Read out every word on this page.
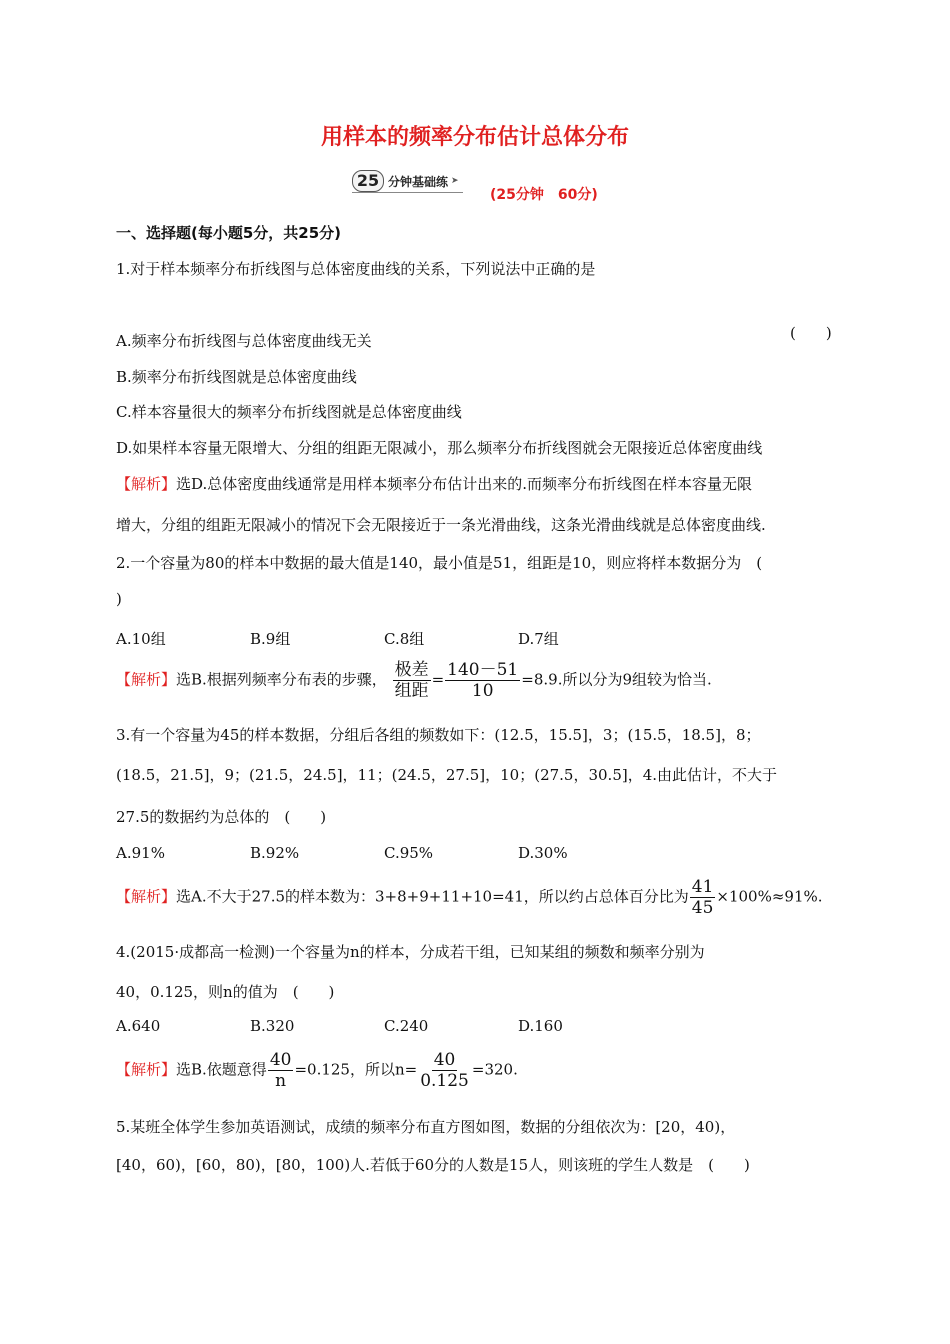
用样本的频率分布估计总体分布
25 分钟基础练 ➤
(25分钟　60分)
一、选择题(每小题5分，共25分)
1.对于样本频率分布折线图与总体密度曲线的关系，下列说法中正确的是
(　　)
A.频率分布折线图与总体密度曲线无关
B.频率分布折线图就是总体密度曲线
C.样本容量很大的频率分布折线图就是总体密度曲线
D.如果样本容量无限增大、分组的组距无限减小，那么频率分布折线图就会无限接近总体密度曲线
【解析】选D.总体密度曲线通常是用样本频率分布估计出来的.而频率分布折线图在样本容量无限
增大，分组的组距无限减小的情况下会无限接近于一条光滑曲线，这条光滑曲线就是总体密度曲线.
2.一个容量为80的样本中数据的最大值是140，最小值是51，组距是10，则应将样本数据分为　(
)
A.10组	B.9组	C.8组	D.7组
【解析】选B.根据列频率分布表的步骤， $\frac{\text{极差}}{\text{组距}} = \frac{140-51}{10} =8.9$.所以分为9组较为恰当.
3.有一个容量为45的样本数据，分组后各组的频数如下：(12.5，15.5]，3；(15.5，18.5]，8；
(18.5，21.5]，9；(21.5，24.5]，11；(24.5，27.5]，10；(27.5，30.5]，4.由此估计，不大于
27.5的数据约为总体的　(　　)
A.91%	B.92%	C.95%	D.30%
【解析】选A.不大于27.5的样本数为：3+8+9+11+10=41，所以约占总体百分比为 $\frac{41}{45} \times 100\%\approx 91\%$.
4.(2015·成都高一检测)一个容量为n的样本，分成若干组，已知某组的频数和频率分别为
40，0.125，则n的值为　(　　)
A.640	B.320	C.240	D.160
【解析】选B.依题意得 $\frac{40}{n} =0.125$，所以$n= \frac{40}{0.125} =320$.
5.某班全体学生参加英语测试，成绩的频率分布直方图如图，数据的分组依次为：[20，40)，
[40，60)，[60，80)，[80，100)人.若低于60分的人数是15人，则该班的学生人数是　(　　)
